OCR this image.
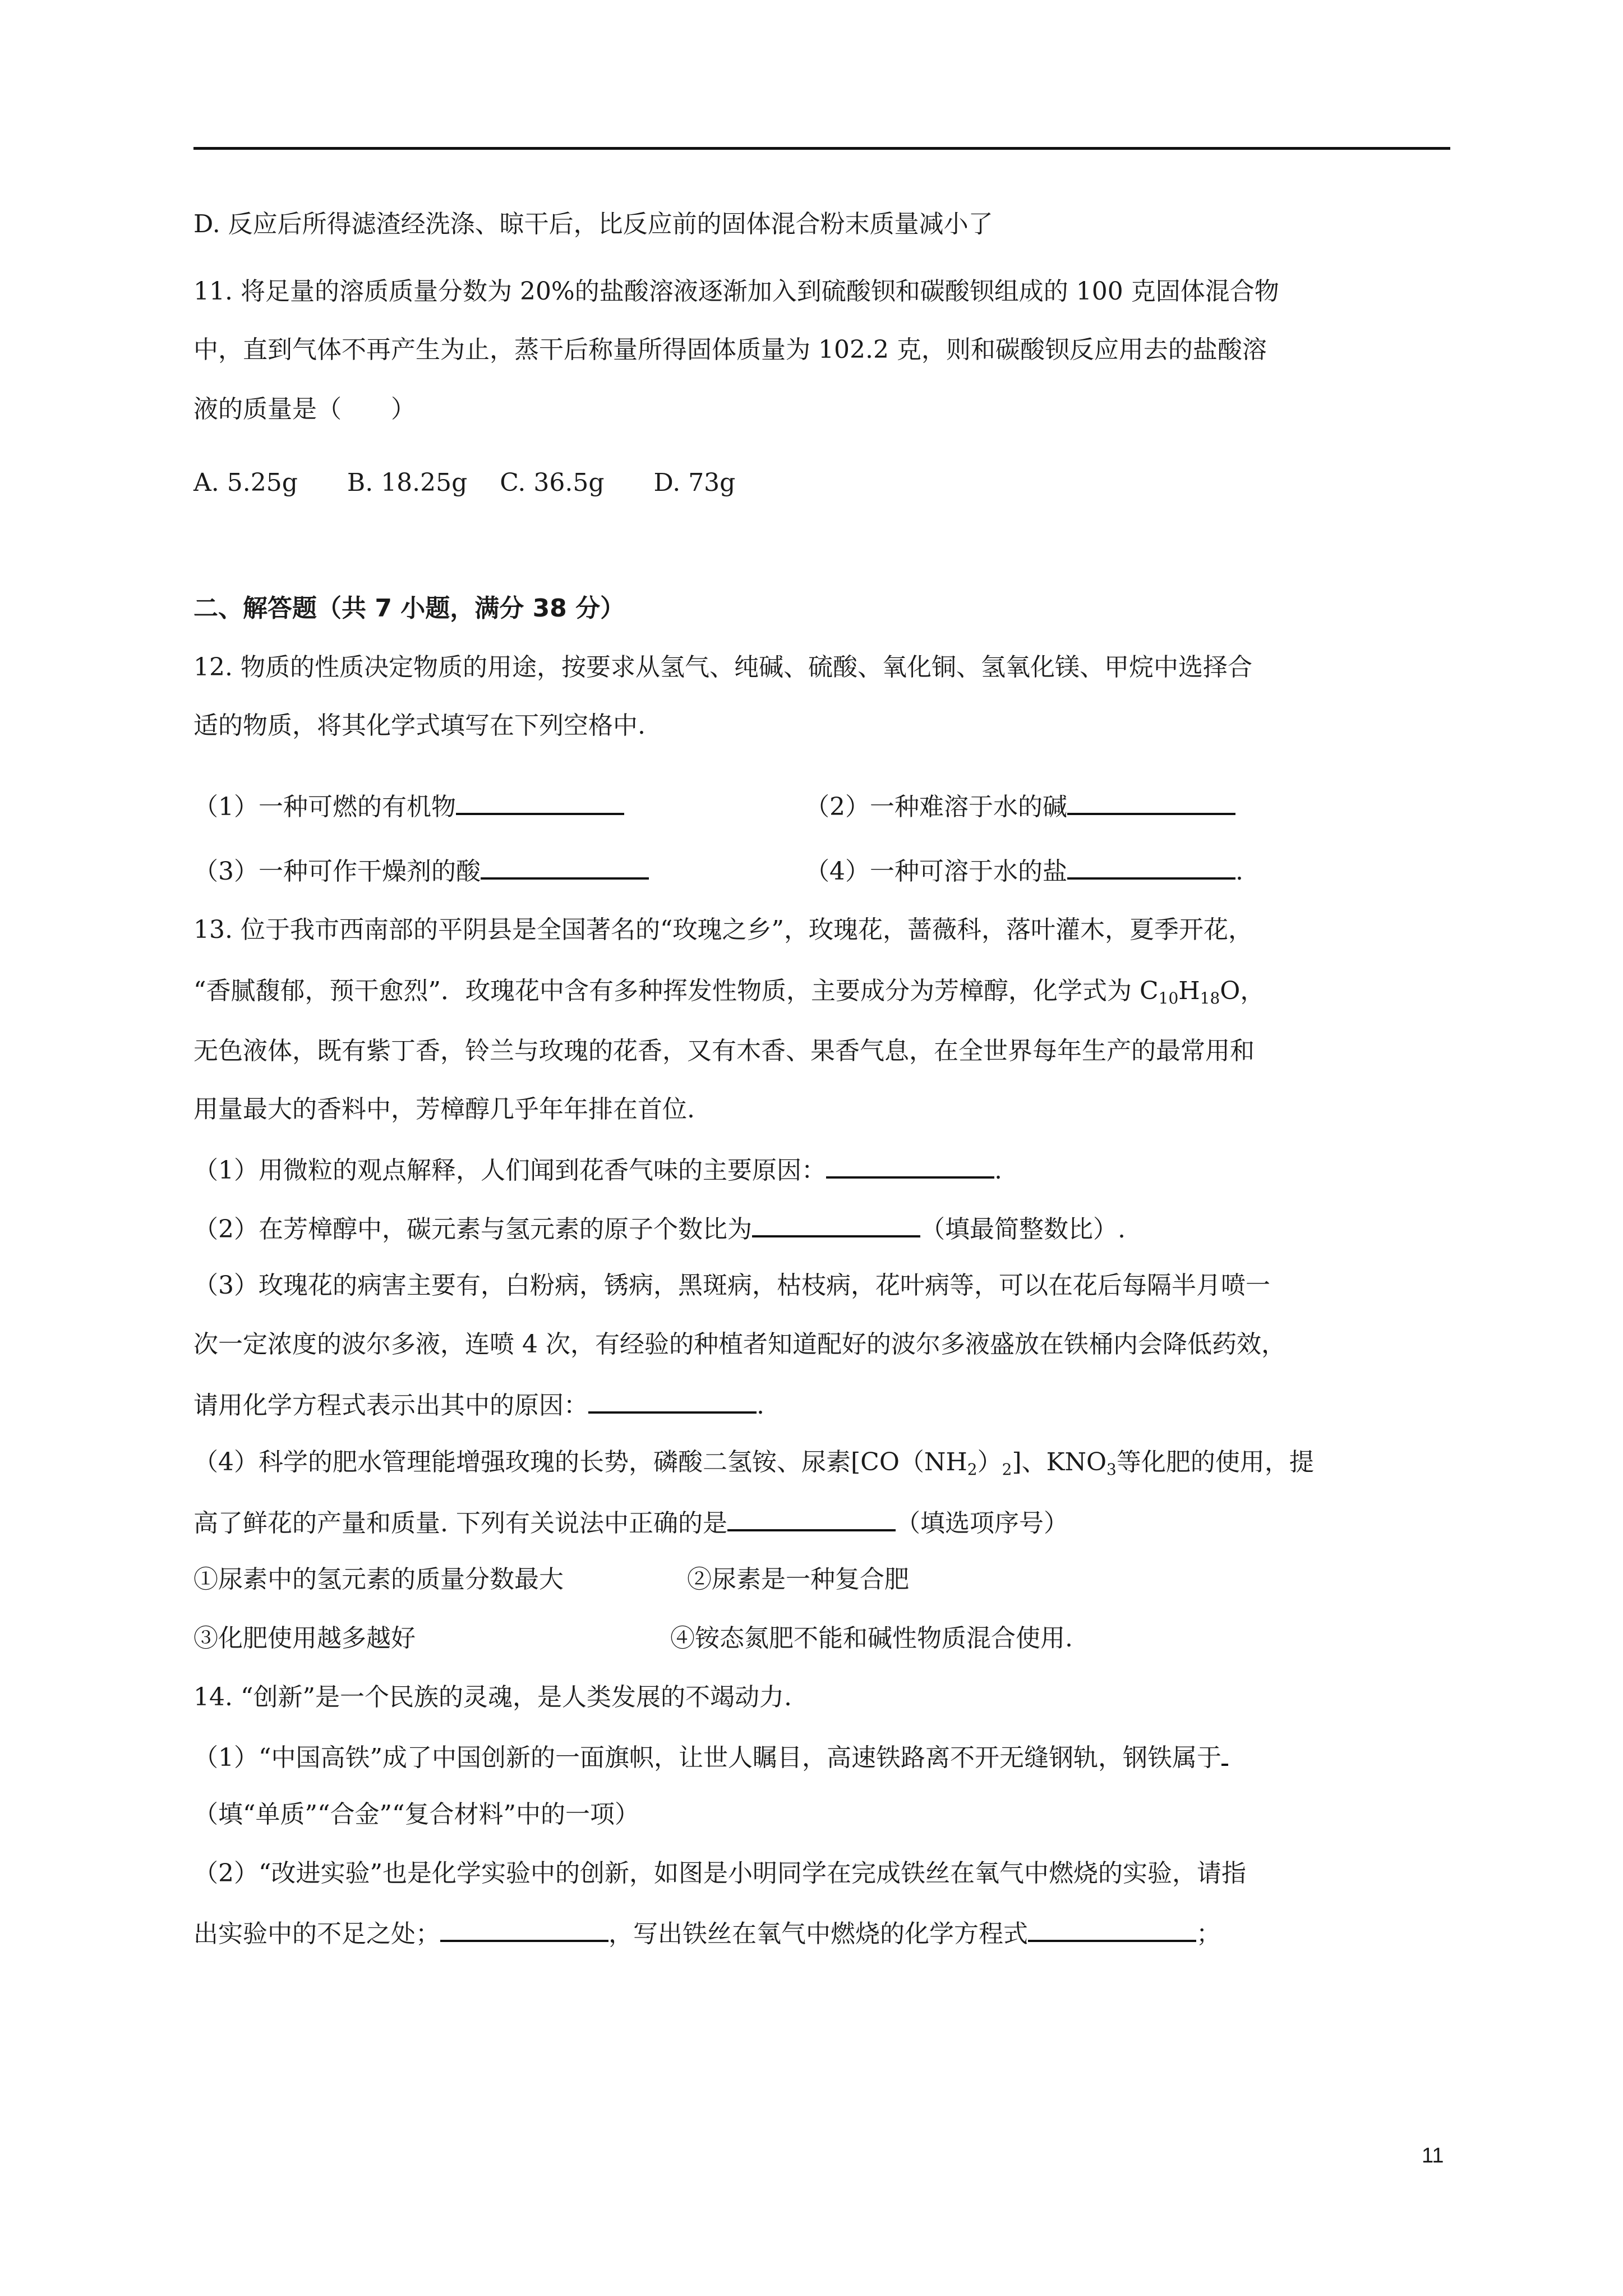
D. 反应后所得滤渣经洗涤、晾干后，比反应前的固体混合粉末质量减小了
11. 将足量的溶质质量分数为 20%的盐酸溶液逐渐加入到硫酸钡和碳酸钡组成的 100 克固体混合物
中，直到气体不再产生为止，蒸干后称量所得固体质量为 102.2 克，则和碳酸钡反应用去的盐酸溶
液的质量是（　　）
A. 5.25g　　B. 18.25g　 C. 36.5g　　D. 73g
二、解答题（共 7 小题，满分 38 分）
12. 物质的性质决定物质的用途，按要求从氢气、纯碱、硫酸、氧化铜、氢氧化镁、甲烷中选择合
适的物质，将其化学式填写在下列空格中.
（1）一种可燃的有机物	（2）一种难溶于水的碱
（3）一种可作干燥剂的酸	（4）一种可溶于水的盐	.
13. 位于我市西南部的平阴县是全国著名的“玫瑰之乡”，玫瑰花，蔷薇科，落叶灌木，夏季开花，
“香腻馥郁，预干愈烈”．玫瑰花中含有多种挥发性物质，主要成分为芳樟醇，化学式为 $C_{10}H_{18}O$，
无色液体，既有紫丁香，铃兰与玫瑰的花香，又有木香、果香气息，在全世界每年生产的最常用和
用量最大的香料中，芳樟醇几乎年年排在首位.
（1）用微粒的观点解释，人们闻到花香气味的主要原因：	.
（2）在芳樟醇中，碳元素与氢元素的原子个数比为	（填最简整数比）.
（3）玫瑰花的病害主要有，白粉病，锈病，黑斑病，枯枝病，花叶病等，可以在花后每隔半月喷一
次一定浓度的波尔多液，连喷 4 次，有经验的种植者知道配好的波尔多液盛放在铁桶内会降低药效，
请用化学方程式表示出其中的原因：	.
（4）科学的肥水管理能增强玫瑰的长势，磷酸二氢铵、尿素$[CO(NH_2)_2]$、$KNO_3$等化肥的使用，提
高了鲜花的产量和质量. 下列有关说法中正确的是	（填选项序号）
①尿素中的氢元素的质量分数最大	②尿素是一种复合肥
③化肥使用越多越好	④铵态氮肥不能和碱性物质混合使用.
14. “创新”是一个民族的灵魂，是人类发展的不竭动力.
（1）“中国高铁”成了中国创新的一面旗帜，让世人瞩目，高速铁路离不开无缝钢轨，钢铁属于
（填“单质”“合金”“复合材料”中的一项）
（2）“改进实验”也是化学实验中的创新，如图是小明同学在完成铁丝在氧气中燃烧的实验，请指
出实验中的不足之处；	，写出铁丝在氧气中燃烧的化学方程式	；
11
